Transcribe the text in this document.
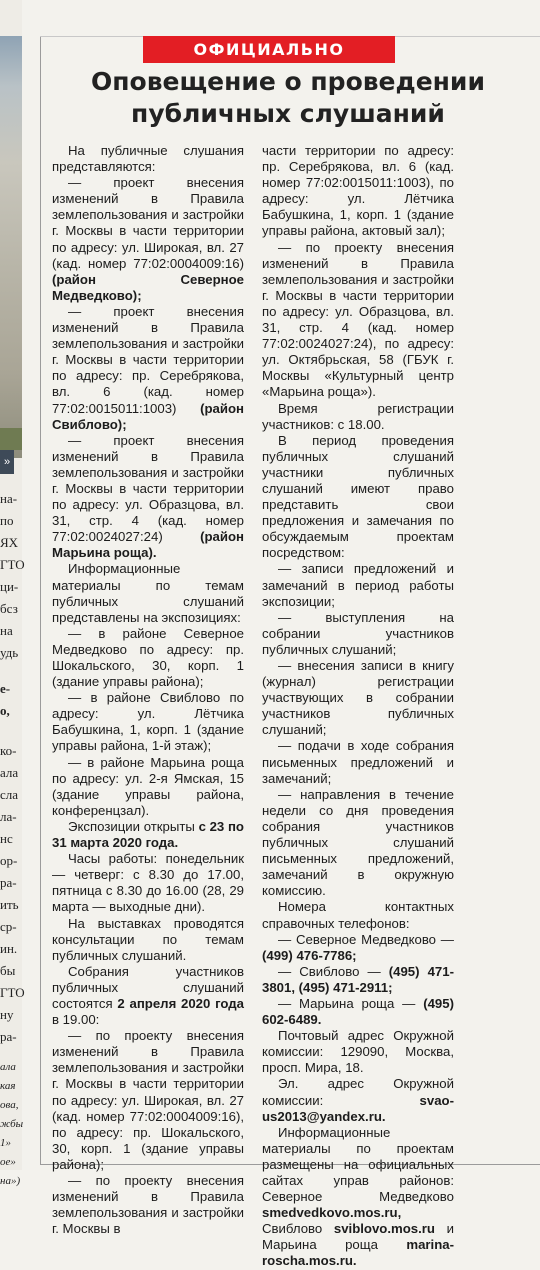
»
на-
по
ЯХ
ГТО
ци-
бсз
на
удь
е-
о,
ко-
ала
сла
ла-
нс
ор-
ра-
ить
ср-
ин.
бы
ГТО
ну
ра-
ала
кая
ова,
жбы
1»
ое»
на»)
ОФИЦИАЛЬНО
Оповещение о проведении
публичных слушаний

На публичные слушания представляются:

— проект внесения изменений в Правила землепользования и застройки г. Москвы в части территории по адресу: ул. Широкая, вл. 27 (кад. номер 77:02:0004009:16) (район Северное Медведково);

— проект внесения изменений в Правила землепользования и застройки г. Москвы в части территории по адресу: пр. Серебрякова, вл. 6 (кад. номер 77:02:0015011:1003) (район Свиблово);

— проект внесения изменений в Правила землепользования и застройки г. Москвы в части территории по адресу: ул. Образцова, вл. 31, стр. 4 (кад. номер 77:02:0024027:24)	(район Марьина роща).

Информационные материалы по темам публичных слушаний представлены на экспозициях:

— в районе Северное Медведково по адресу: пр. Шокальского, 30, корп. 1 (здание управы района);

— в районе Свиблово по адресу: ул. Лётчика Бабушкина, 1, корп. 1 (здание управы района, 1-й этаж);

— в районе Марьина роща по адресу: ул. 2-я Ямская, 15 (здание управы района, конференцзал).

Экспозиции открыты с 23 по 31 марта 2020 года.

Часы работы: понедельник — четверг: с 8.30 до 17.00, пятница с 8.30 до 16.00 (28, 29 марта — выходные дни).

На выставках проводятся консультации по темам публичных слушаний.

Собрания участников публичных слушаний состоятся 2 апреля 2020 года в 19.00:

— по проекту внесения изменений в Правила землепользования и застройки г. Москвы в части территории по адресу: ул. Широкая, вл. 27 (кад. номер 77:02:0004009:16), по адресу: пр. Шокальского, 30, корп. 1 (здание управы района);

— по проекту внесения изменений в Правила землепользования и застройки г. Москвы в

части территории по адресу: пр. Серебрякова, вл. 6 (кад. номер 77:02:0015011:1003), по адресу: ул. Лётчика Бабушкина, 1, корп. 1 (здание управы района, актовый зал);

— по проекту внесения изменений в Правила землепользования и застройки г. Москвы в части территории по адресу: ул. Образцова, вл. 31, стр. 4 (кад. номер 77:02:0024027:24), по адресу: ул. Октябрьская, 58 (ГБУК г. Москвы «Культурный центр «Марьина роща»).

Время регистрации участников: с 18.00.

В период проведения публичных слушаний участники публичных слушаний имеют право представить свои предложения и замечания по обсуждаемым проектам посредством:

— записи предложений и замечаний в период работы экспозиции;

— выступления на собрании участников публичных слушаний;

— внесения записи в книгу (журнал) регистрации участвующих в собрании участников публичных слушаний;

— подачи в ходе собрания письменных предложений и замечаний;

— направления в течение недели со дня проведения собрания участников публичных слушаний письменных предложений, замечаний в окружную комиссию.

Номера контактных справочных телефонов:

— Северное Медведково — (499) 476-7786;

— Свиблово — (495) 471-3801, (495) 471-2911;

— Марьина роща — (495) 602-6489.

Почтовый адрес Окружной комиссии: 129090, Москва, просп. Мира, 18.

Эл. адрес Окружной комиссии:	svao-us2013@yandex.ru.

Информационные материалы по проектам размещены на официальных сайтах управ районов: Северное Медведково smedvedkovo.mos.ru, Свиблово sviblovo.mos.ru и Марьина роща marina-roscha.mos.ru.
